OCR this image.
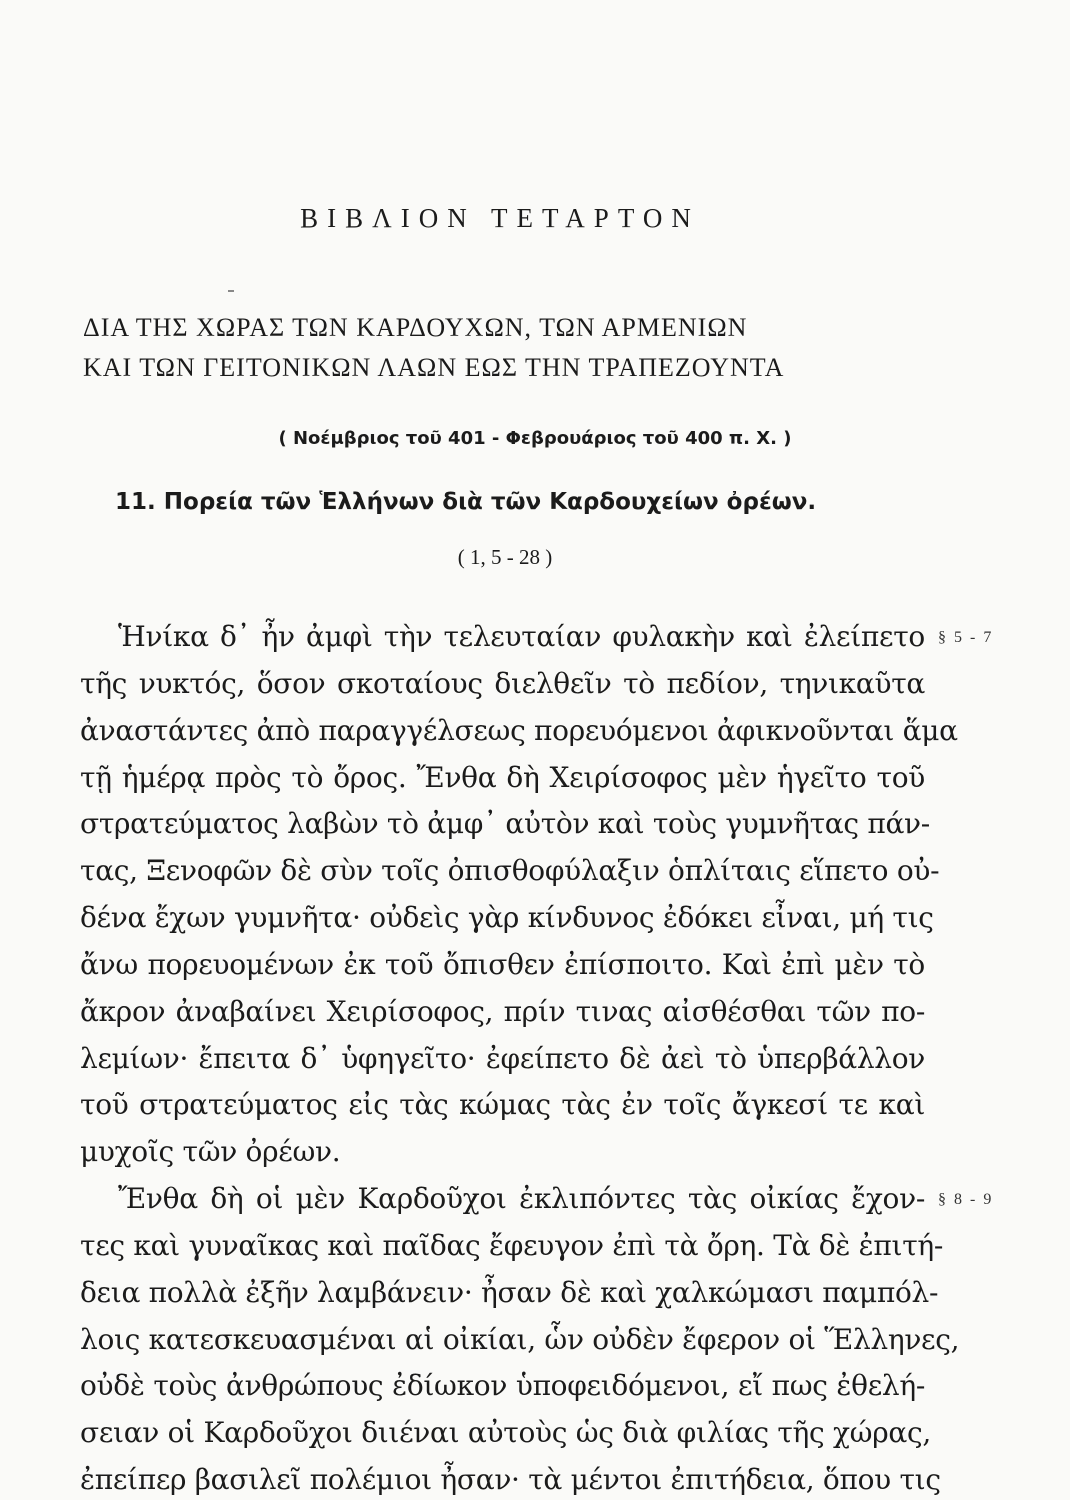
ΒΙΒΛΙΟΝ ΤΕΤΑΡΤΟΝ
ΔΙΑ ΤΗΣ ΧΩΡΑΣ ΤΩΝ ΚΑΡΔΟΥΧΩΝ, ΤΩΝ ΑΡΜΕΝΙΩΝ
ΚΑΙ ΤΩΝ ΓΕΙΤΟΝΙΚΩΝ ΛΑΩΝ ΕΩΣ ΤΗΝ ΤΡΑΠΕΖΟΥΝΤΑ
( Νοέμβριος τοῦ 401 - Φεβρουάριος τοῦ 400 π. Χ. )
11. Πορεία τῶν Ἑλλήνων διὰ τῶν Καρδουχείων ὀρέων.
( 1, 5 - 28 )
Ἡνίκα δ᾽ ἦν ἀμφὶ τὴν τελευταίαν φυλακὴν καὶ ἐλείπετο
τῆς νυκτός, ὅσον σκοταίους διελθεῖν τὸ πεδίον, τηνικαῦτα
ἀναστάντες ἀπὸ παραγγέλσεως πορευόμενοι ἀφικνοῦνται ἅμα
τῇ ἡμέρᾳ πρὸς τὸ ὄρος. Ἔνθα δὴ Χειρίσοφος μὲν ἡγεῖτο τοῦ
στρατεύματος λαβὼν τὸ ἀμφ᾽ αὐτὸν καὶ τοὺς γυμνῆτας πάν-
τας, Ξενοφῶν δὲ σὺν τοῖς ὀπισθοφύλαξιν ὁπλίταις εἵπετο οὐ-
δένα ἔχων γυμνῆτα· οὐδεὶς γὰρ κίνδυνος ἐδόκει εἶναι, μή τις
ἄνω πορευομένων ἐκ τοῦ ὄπισθεν ἐπίσποιτο. Καὶ ἐπὶ μὲν τὸ
ἄκρον ἀναβαίνει Χειρίσοφος, πρίν τινας αἰσθέσθαι τῶν πο-
λεμίων· ἔπειτα δ᾽ ὑφηγεῖτο· ἐφείπετο δὲ ἀεὶ τὸ ὑπερβάλλον
τοῦ στρατεύματος εἰς τὰς κώμας τὰς ἐν τοῖς ἄγκεσί τε καὶ
μυχοῖς τῶν ὀρέων.
Ἔνθα δὴ οἱ μὲν Καρδοῦχοι ἐκλιπόντες τὰς οἰκίας ἔχον-
τες καὶ γυναῖκας καὶ παῖδας ἔφευγον ἐπὶ τὰ ὄρη. Τὰ δὲ ἐπιτή-
δεια πολλὰ ἐξῆν λαμβάνειν· ἦσαν δὲ καὶ χαλκώμασι παμπόλ-
λοις κατεσκευασμέναι αἱ οἰκίαι, ὧν οὐδὲν ἔφερον οἱ Ἕλληνες,
οὐδὲ τοὺς ἀνθρώπους ἐδίωκον ὑποφειδόμενοι, εἴ πως ἐθελή-
σειαν οἱ Καρδοῦχοι διιέναι αὐτοὺς ὡς διὰ φιλίας τῆς χώρας,
ἐπείπερ βασιλεῖ πολέμιοι ἦσαν· τὰ μέντοι ἐπιτήδεια, ὅπου τις
§ 5 - 7
§ 8 - 9
